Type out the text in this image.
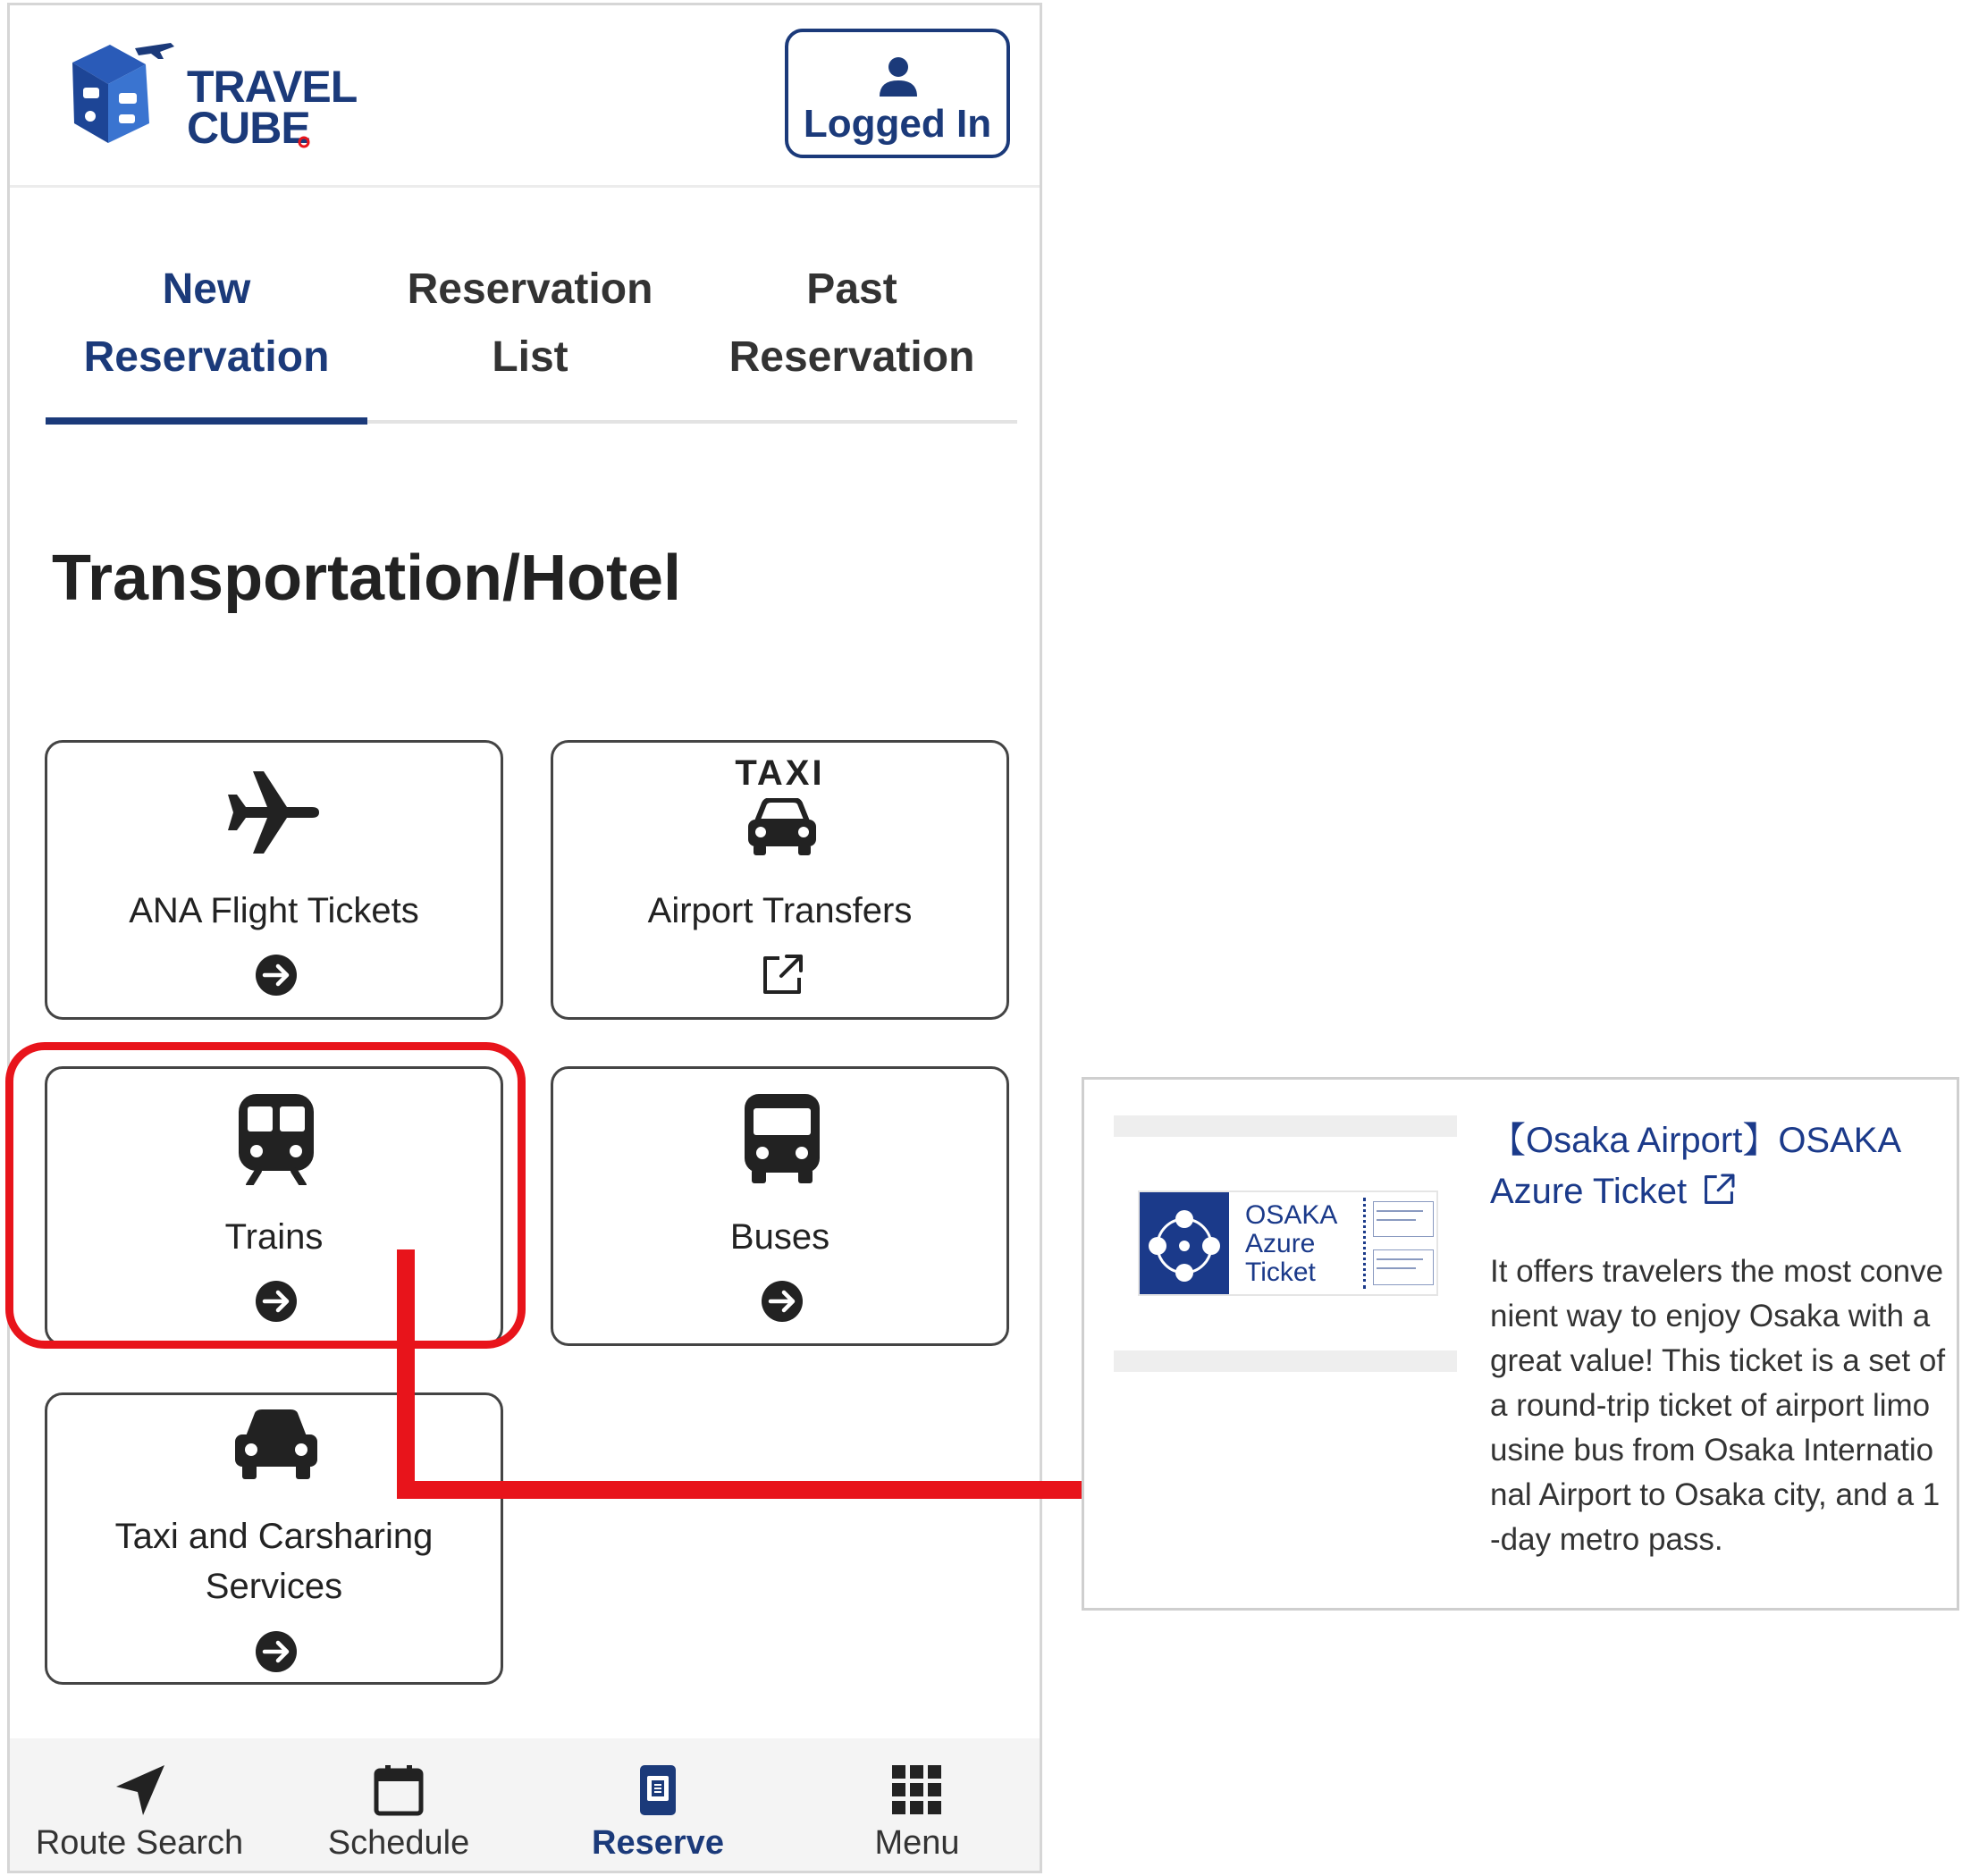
TRAVEL
CUBE	Logged In
New
Reservation
Reservation
List
Past
Reservation
Transportation/Hotel
ANA Flight Tickets
TAXI
Airport Transfers
Trains	Buses
Taxi and Carsharing
Services
Route Search	Schedule	Reserve	Menu
OSAKA
Azure
Ticket
【Osaka Airport】OSAKA Azure Ticket
It offers travelers the most convenient way to enjoy Osaka with a great value! This ticket is a set of a round-trip ticket of airport limousine bus from Osaka International Airport to Osaka city, and a 1-day metro pass.
